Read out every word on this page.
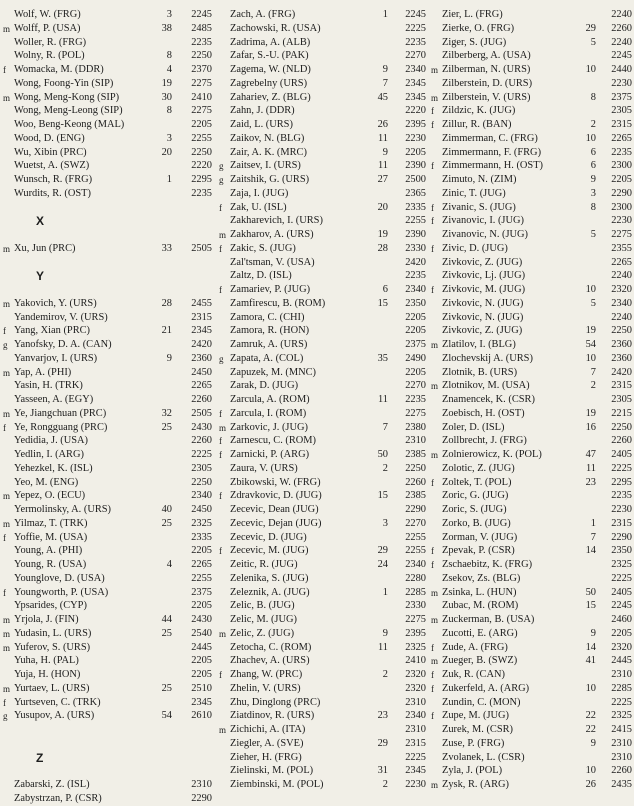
Wolf, W. (FRG)	3	2245
m Wolff, P. (USA)	38	2485
Woller, R. (FRG)	2235
Wolny, R. (POL)	8	2250
f Womacka, M. (DDR)	4	2370
Wong, Foong-Yin (SIP)	19	2275
m Wong, Meng-Kong (SIP)	30	2410
Wong, Meng-Leong (SIP)	8	2275
Woo, Beng-Keong (MAL)	2205
Wood, D. (ENG)	3	2255
Wu, Xibin (PRC)	20	2250
Wuetst, A. (SWZ)	2220
Wunsch, R. (FRG)	1	2295
Wurdits, R. (OST)	2235
X
m Xu, Jun (PRC)	33	2505
Y
m Yakovich, Y. (URS)	28	2455
Yandemirov, V. (URS)	2315
f Yang, Xian (PRC)	21	2345
g Yanofsky, D. A. (CAN)	2420
Yanvarjov, I. (URS)	9	2360
m Yap, A. (PHI)	2450
Yasin, H. (TRK)	2265
Yasseen, A. (EGY)	2260
m Ye, Jiangchuan (PRC)	32	2505
f Ye, Rongguang (PRC)	25	2430
Yedidia, J. (USA)	2260
Yedlin, I. (ARG)	2225
Yehezkel, K. (ISL)	2305
Yeo, M. (ENG)	2250
m Yepez, O. (ECU)	2340
Yermolinsky, A. (URS)	40	2450
m Yilmaz, T. (TRK)	25	2325
f Yoffie, M. (USA)	2335
Young, A. (PHI)	2205
Young, R. (USA)	4	2265
Younglove, D. (USA)	2255
f Youngworth, P. (USA)	2375
Ypsarides, (CYP)	2205
m Yrjola, J. (FIN)	44	2430
m Yudasin, L. (URS)	25	2540
m Yuferov, S. (URS)	2445
Yuha, H. (PAL)	2205
Yuja, H. (HON)	2205
m Yurtaev, L. (URS)	25	2510
f Yurtseven, C. (TRK)	2345
g Yusupov, A. (URS)	54	2610
Z
Zabarski, Z. (ISL)	2310
Zabystrzan, P. (CSR)	2290
Zach, A. (FRG)	1	2245
Zachowski, R. (USA)	2225
Zadrima, A. (ALB)	2235
Zafar, S.-U. (PAK)	2270
Zagema, W. (NLD)	9	2340
Zagrebelny (URS)	7	2345
Zahariev, Z. (BLG)	45	2345
Zahn, J. (DDR)	2220
Zaid, L. (URS)	26	2395
Zaikov, N. (BLG)	11	2230
Zair, A. K. (MRC)	9	2205
g Zaitsev, I. (URS)	11	2390
g Zaitshik, G. (URS)	27	2500
Zaja, I. (JUG)	2365
f Zak, U. (ISL)	20	2335
Zakharevich, I. (URS)	2255
m Zakharov, A. (URS)	19	2390
f Zakic, S. (JUG)	28	2330
Zal'tsman, V. (USA)	2420
Zaltz, D. (ISL)	2235
f Zamariev, P. (JUG)	6	2340
Zamfirescu, B. (ROM)	15	2350
Zamora, C. (CHI)	2205
Zamora, R. (HON)	2205
Zamruk, A. (URS)	2375
g Zapata, A. (COL)	35	2490
Zapuzek, M. (MNC)	2205
Zarak, D. (JUG)	2270
Zarcula, A. (ROM)	11	2235
f Zarcula, I. (ROM)	2275
m Zarkovic, J. (JUG)	7	2380
f Zarnescu, C. (ROM)	2310
f Zarnicki, P. (ARG)	50	2385
Zaura, V. (URS)	2	2250
Zbikowski, W. (FRG)	2260
f Zdravkovic, D. (JUG)	15	2385
Zecevic, Dean (JUG)	2290
Zecevic, Dejan (JUG)	3	2270
Zecevic, D. (JUG)	2255
f Zecevic, M. (JUG)	29	2255
Zeitic, R. (JUG)	24	2340
Zelenika, S. (JUG)	2280
Zeleznik, A. (JUG)	1	2285
Zelic, B. (JUG)	2330
Zelic, M. (JUG)	2275
m Zelic, Z. (JUG)	9	2395
Zetocha, C. (ROM)	11	2325
Zhachev, A. (URS)	2410
f Zhang, W. (PRC)	2	2320
Zhelin, V. (URS)	2320
Zhu, Dinglong (PRC)	2310
Ziatdinov, R. (URS)	23	2340
m Zichichi, A. (ITA)	2310
Ziegler, A. (SVE)	29	2315
Zieher, H. (FRG)	2225
Zielinski, M. (POL)	31	2345
Ziembinski, M. (POL)	2	2230
Zier, L. (FRG)	2240
Zierke, O. (FRG)	29	2260
Ziger, S. (JUG)	5	2240
Zilberberg, A. (USA)	2245
m Zilberman, N. (URS)	10	2440
Zilberstein, D. (URS)	2230
m Zilberstein, V. (URS)	8	2375
f Zildzic, K. (JUG)	2305
f Zillur, R. (BAN)	2	2315
Zimmerman, C. (FRG)	10	2265
Zimmermann, F. (FRG)	6	2235
f Zimmermann, H. (OST)	6	2300
Zimuto, N. (ZIM)	9	2205
Zinic, T. (JUG)	3	2290
f Zivanic, S. (JUG)	8	2300
f Zivanovic, I. (JUG)	2230
Zivanovic, N. (JUG)	5	2275
f Zivic, D. (JUG)	2355
Zivkovic, Z. (JUG)	2265
Zivkovic, Lj. (JUG)	2240
f Zivkovic, M. (JUG)	10	2320
Zivkovic, N. (JUG)	5	2340
Zivkovic, N. (JUG)	2240
Zivkovic, Z. (JUG)	19	2250
m Zlatilov, I. (BLG)	54	2360
Zlochevskij A. (URS)	10	2360
Zlotnik, B. (URS)	7	2420
m Zlotnikov, M. (USA)	2	2315
Znamencek, K. (CSR)	2305
Zoebisch, H. (OST)	19	2215
Zoler, D. (ISL)	16	2250
Zollbrecht, J. (FRG)	2260
m Zolnierowicz, K. (POL)	47	2405
Zolotic, Z. (JUG)	11	2225
f Zoltek, T. (POL)	23	2295
Zoric, G. (JUG)	2235
Zoric, S. (JUG)	2230
Zorko, B. (JUG)	1	2315
Zorman, V. (JUG)	7	2290
f Zpevak, P. (CSR)	14	2350
f Zschaebitz, K. (FRG)	2325
Zsekov, Zs. (BLG)	2225
m Zsinka, L. (HUN)	50	2405
Zubac, M. (ROM)	15	2245
m Zuckerman, B. (USA)	2460
Zucotti, E. (ARG)	9	2205
f Zude, A. (FRG)	14	2320
m Zueger, B. (SWZ)	41	2445
f Zuk, R. (CAN)	2310
f Zukerfeld, A. (ARG)	10	2285
Zundin, C. (MON)	2225
f Zupe, M. (JUG)	22	2325
Zurek, M. (CSR)	22	2415
Zuse, P. (FRG)	9	2310
Zvolanek, L. (CSR)	2310
Zyla, J. (POL)	10	2260
m Zysk, R. (ARG)	26	2435
